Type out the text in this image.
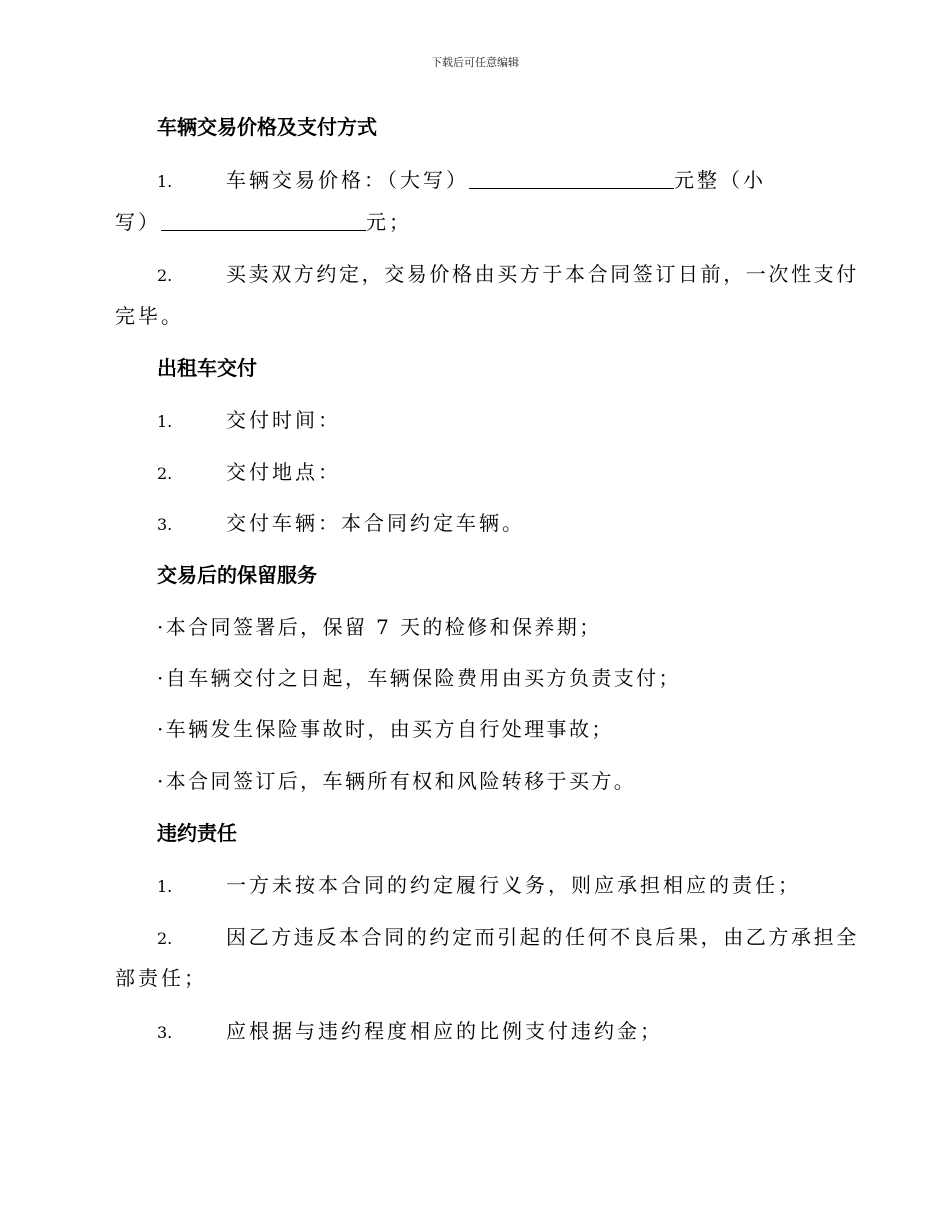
下载后可任意编辑
车辆交易价格及支付方式
1.	车辆交易价格：（大写）	元整（小
写）	元；
2.	买卖双方约定，交易价格由买方于本合同签订日前，一次性支付
完毕。
出租车交付
1.	交付时间：
2.	交付地点：
3.	交付车辆：本合同约定车辆。
交易后的保留服务
·本合同签署后，保留 7 天的检修和保养期；
·自车辆交付之日起，车辆保险费用由买方负责支付；
·车辆发生保险事故时，由买方自行处理事故；
·本合同签订后，车辆所有权和风险转移于买方。
违约责任
1.	一方未按本合同的约定履行义务，则应承担相应的责任；
2.	因乙方违反本合同的约定而引起的任何不良后果，由乙方承担全
部责任；
3.	应根据与违约程度相应的比例支付违约金；
